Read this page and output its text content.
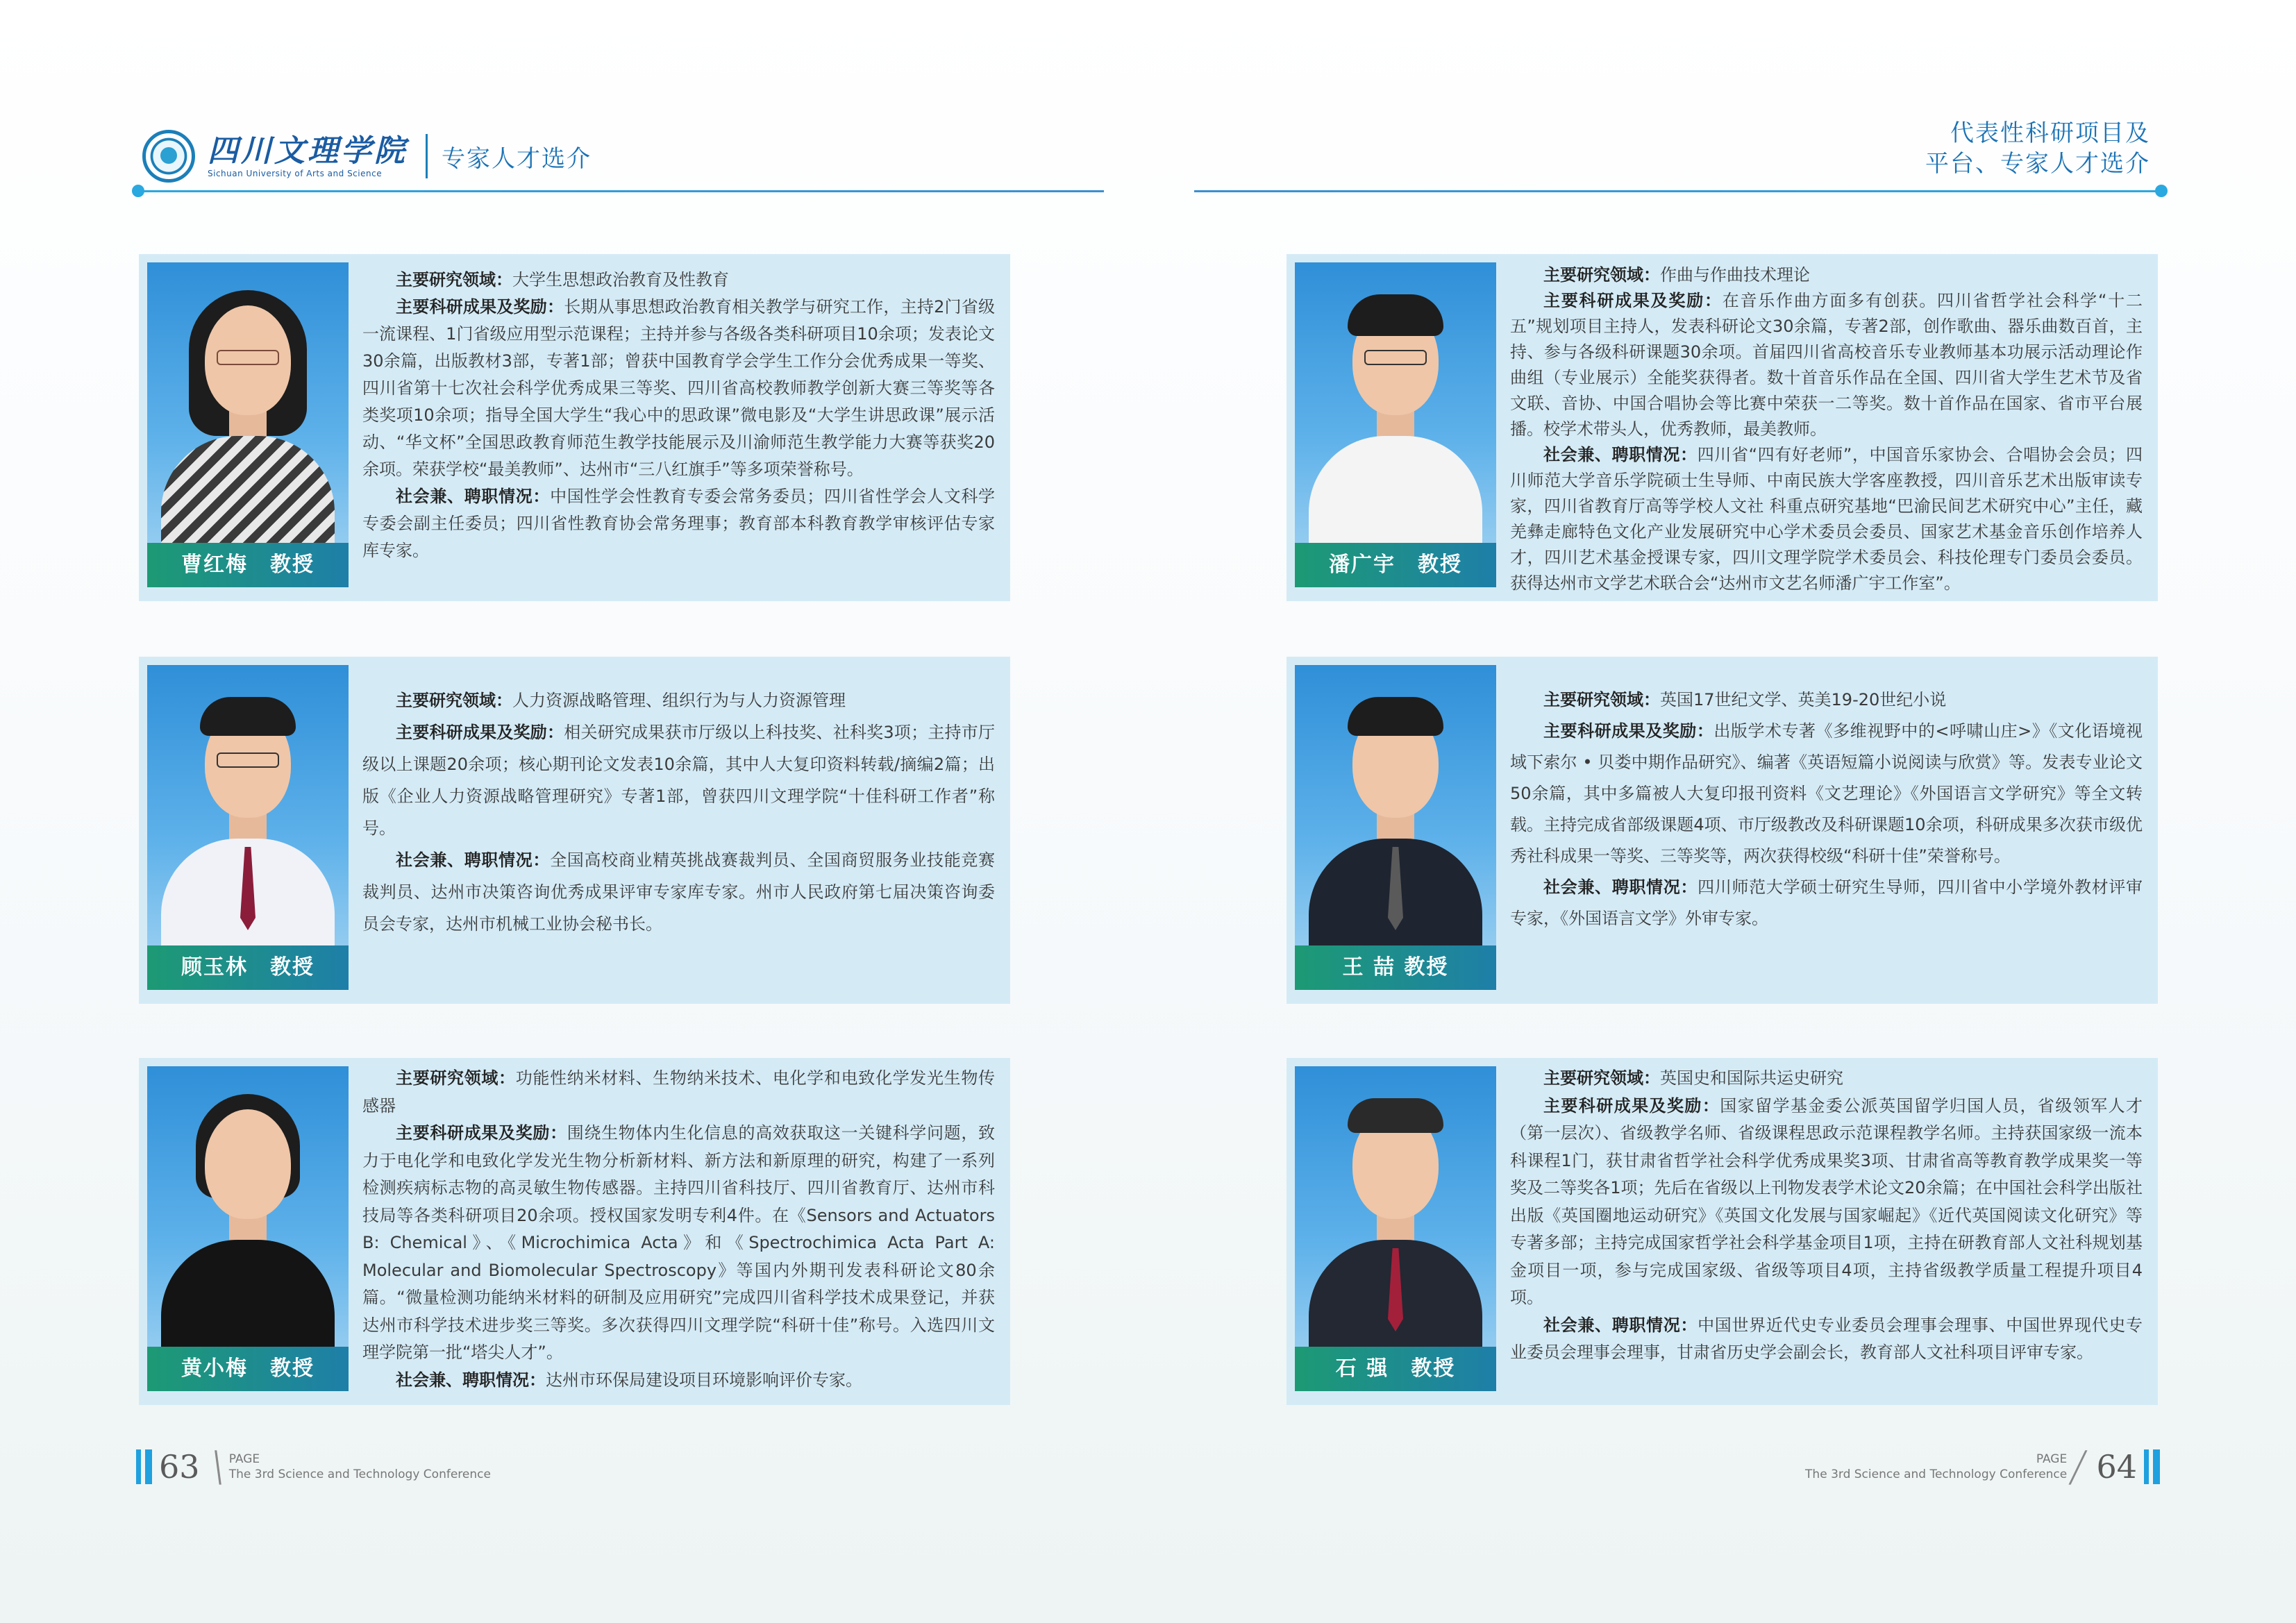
四川文理学院
Sichuan University of Arts and Science
专家人才选介
代表性科研项目及
平台、专家人才选介
曹红梅　教授

主要研究领域：大学生思想政治教育及性教育

主要科研成果及奖励：长期从事思想政治教育相关教学与研究工作，主持2门省级一流课程、1门省级应用型示范课程；主持并参与各级各类科研项目10余项；发表论文30余篇，出版教材3部，专著1部；曾获中国教育学会学生工作分会优秀成果一等奖、四川省第十七次社会科学优秀成果三等奖、四川省高校教师教学创新大赛三等奖等各类奖项10余项；指导全国大学生“我心中的思政课”微电影及“大学生讲思政课”展示活动、“华文杯”全国思政教育师范生教学技能展示及川渝师范生教学能力大赛等获奖20余项。荣获学校“最美教师”、达州市“三八红旗手”等多项荣誉称号。

社会兼、聘职情况：中国性学会性教育专委会常务委员；四川省性学会人文科学专委会副主任委员；四川省性教育协会常务理事；教育部本科教育教学审核评估专家库专家。

潘广宇　教授

主要研究领域：作曲与作曲技术理论

主要科研成果及奖励：在音乐作曲方面多有创获。四川省哲学社会科学“十二五”规划项目主持人，发表科研论文30余篇，专著2部，创作歌曲、器乐曲数百首，主持、参与各级科研课题30余项。首届四川省高校音乐专业教师基本功展示活动理论作曲组（专业展示）全能奖获得者。数十首音乐作品在全国、四川省大学生艺术节及省文联、音协、中国合唱协会等比赛中荣获一二等奖。数十首作品在国家、省市平台展播。校学术带头人，优秀教师，最美教师。

社会兼、聘职情况：四川省“四有好老师”，中国音乐家协会、合唱协会会员；四川师范大学音乐学院硕士生导师、中南民族大学客座教授，四川音乐艺术出版审读专家，四川省教育厅高等学校人文社 科重点研究基地“巴渝民间艺术研究中心”主任，藏羌彝走廊特色文化产业发展研究中心学术委员会委员、国家艺术基金音乐创作培养人才，四川艺术基金授课专家，四川文理学院学术委员会、科技伦理专门委员会委员。获得达州市文学艺术联合会“达州市文艺名师潘广宇工作室”。

顾玉林　教授

主要研究领域：人力资源战略管理、组织行为与人力资源管理

主要科研成果及奖励：相关研究成果获市厅级以上科技奖、社科奖3项；主持市厅级以上课题20余项；核心期刊论文发表10余篇，其中人大复印资料转载/摘编2篇；出版《企业人力资源战略管理研究》专著1部，曾获四川文理学院“十佳科研工作者”称号。

社会兼、聘职情况：全国高校商业精英挑战赛裁判员、全国商贸服务业技能竞赛裁判员、达州市决策咨询优秀成果评审专家库专家。州市人民政府第七届决策咨询委员会专家，达州市机械工业协会秘书长。

王 喆 教授

主要研究领域：英国17世纪文学、英美19-20世纪小说

主要科研成果及奖励：出版学术专著《多维视野中的<呼啸山庄>》《文化语境视域下索尔 • 贝娄中期作品研究》、编著《英语短篇小说阅读与欣赏》等。发表专业论文50余篇，其中多篇被人大复印报刊资料《文艺理论》《外国语言文学研究》等全文转载。主持完成省部级课题4项、市厅级教改及科研课题10余项，科研成果多次获市级优秀社科成果一等奖、三等奖等，两次获得校级“科研十佳”荣誉称号。

社会兼、聘职情况：四川师范大学硕士研究生导师，四川省中小学境外教材评审专家，《外国语言文学》外审专家。

黄小梅　教授

主要研究领域：功能性纳米材料、生物纳米技术、电化学和电致化学发光生物传感器

主要科研成果及奖励：围绕生物体内生化信息的高效获取这一关键科学问题，致力于电化学和电致化学发光生物分析新材料、新方法和新原理的研究，构建了一系列检测疾病标志物的高灵敏生物传感器。主持四川省科技厅、四川省教育厅、达州市科技局等各类科研项目20余项。授权国家发明专利4件。在《Sensors and Actuators B: Chemical》、《Microchimica Acta》和《Spectrochimica Acta Part A: Molecular and Biomolecular Spectroscopy》等国内外期刊发表科研论文80余篇。“微量检测功能纳米材料的研制及应用研究”完成四川省科学技术成果登记，并获达州市科学技术进步奖三等奖。多次获得四川文理学院“科研十佳”称号。入选四川文理学院第一批“塔尖人才”。

社会兼、聘职情况：达州市环保局建设项目环境影响评价专家。	石 强　教授

主要研究领域：英国史和国际共运史研究

主要科研成果及奖励：国家留学基金委公派英国留学归国人员，省级领军人才（第一层次）、省级教学名师、省级课程思政示范课程教学名师。主持获国家级一流本科课程1门，获甘肃省哲学社会科学优秀成果奖3项、甘肃省高等教育教学成果奖一等奖及二等奖各1项；先后在省级以上刊物发表学术论文20余篇；在中国社会科学出版社出版《英国圈地运动研究》《英国文化发展与国家崛起》《近代英国阅读文化研究》等专著多部；主持完成国家哲学社会科学基金项目1项，主持在研教育部人文社科规划基金项目一项，参与完成国家级、省级等项目4项，主持省级教学质量工程提升项目4项。

社会兼、聘职情况：中国世界近代史专业委员会理事会理事、中国世界现代史专业委员会理事会理事，甘肃省历史学会副会长，教育部人文社科项目评审专家。

63 \ PAGE
The 3rd Science and Technology Conference	64
/
PAGE
The 3rd Science and Technology Conference
